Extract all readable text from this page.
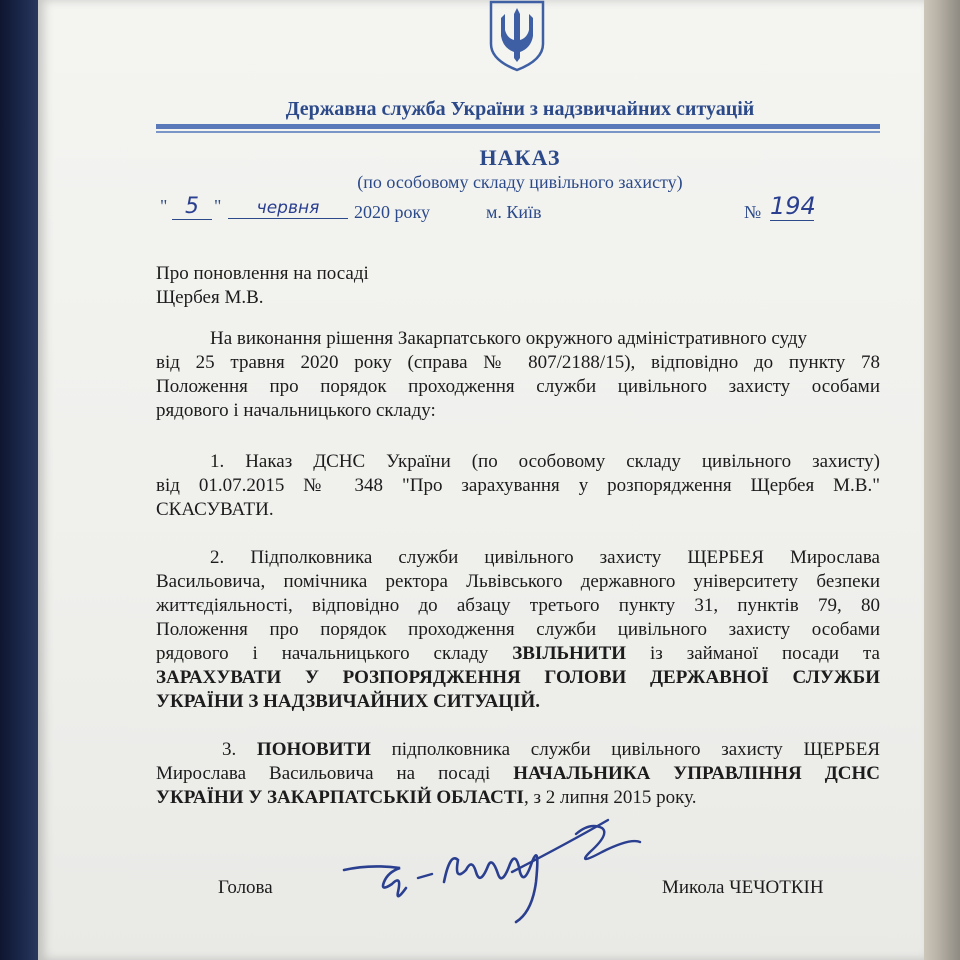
Державна служба України з надзвичайних ситуацій
НАКАЗ
(по особовому складу цивільного захисту)
" 5 "	червня	2020 року	м. Київ	№ 194
Про поновлення на посаді
Щербея М.В.
На виконання рішення Закарпатського окружного адміністративного суду
від 25 травня 2020 року (справа № 807/2188/15), відповідно до пункту 78
Положення про порядок проходження служби цивільного захисту особами
рядового і начальницького складу:
1. Наказ ДСНС України (по особовому складу цивільного захисту)
від 01.07.2015 № 348 "Про зарахування у розпорядження Щербея М.В."
СКАСУВАТИ.
2. Підполковника служби цивільного захисту ЩЕРБЕЯ Мирослава
Васильовича, помічника ректора Львівського державного університету безпеки
життєдіяльності, відповідно до абзацу третього пункту 31, пунктів 79, 80
Положення про порядок проходження служби цивільного захисту особами
рядового і начальницького складу ЗВІЛЬНИТИ із займаної посади та
ЗАРАХУВАТИ У РОЗПОРЯДЖЕННЯ ГОЛОВИ ДЕРЖАВНОЇ СЛУЖБИ
УКРАЇНИ З НАДЗВИЧАЙНИХ СИТУАЦІЙ.
3. ПОНОВИТИ підполковника служби цивільного захисту ЩЕРБЕЯ
Мирослава Васильовича на посаді НАЧАЛЬНИКА УПРАВЛІННЯ ДСНС
УКРАЇНИ У ЗАКАРПАТСЬКІЙ ОБЛАСТІ, з 2 липня 2015 року.
Голова	Микола ЧЕЧОТКІН
